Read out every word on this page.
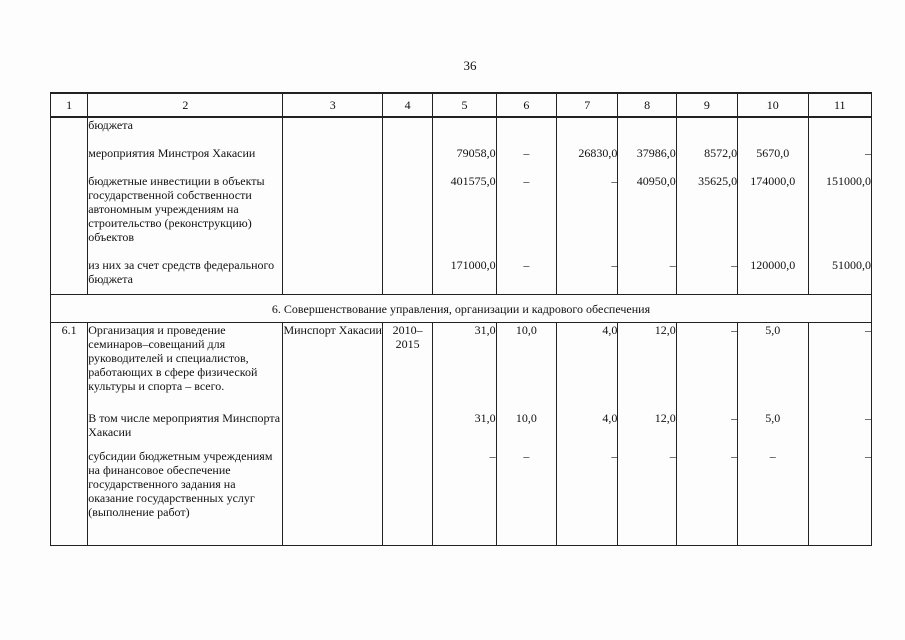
36
1	2	3	4	5	6	7	8	9	10	11
	бюджета									
	мероприятия Минстроя Хакасии			79058,0	–	26830,0	37986,0	8572,0	5670,0	–
	бюджетные инвестиции в объекты государственной собственности автономным учреждениям на строительство (реконструкцию) объектов			401575,0	–	–	40950,0	35625,0	174000,0	151000,0
	из них за счет средств федерального бюджета			171000,0	–	–	–	–	120000,0	51000,0
6. Совершенствование управления, организации и кадрового обеспечения										
6.1	Организация и проведение семинаров–совещаний для руководителей и специалистов, работающих в сфере физической культуры и спорта – всего.	Минспорт Хакасии	2010–2015	31,0	10,0	4,0	12,0	–	5,0	–
	В том числе мероприятия Минспорта Хакасии			31,0	10,0	4,0	12,0	–	5,0	–
	субсидии бюджетным учреждениям на финансовое обеспечение государственного задания на оказание государственных услуг (выполнение работ)			–	–	–	–	–	–	–
